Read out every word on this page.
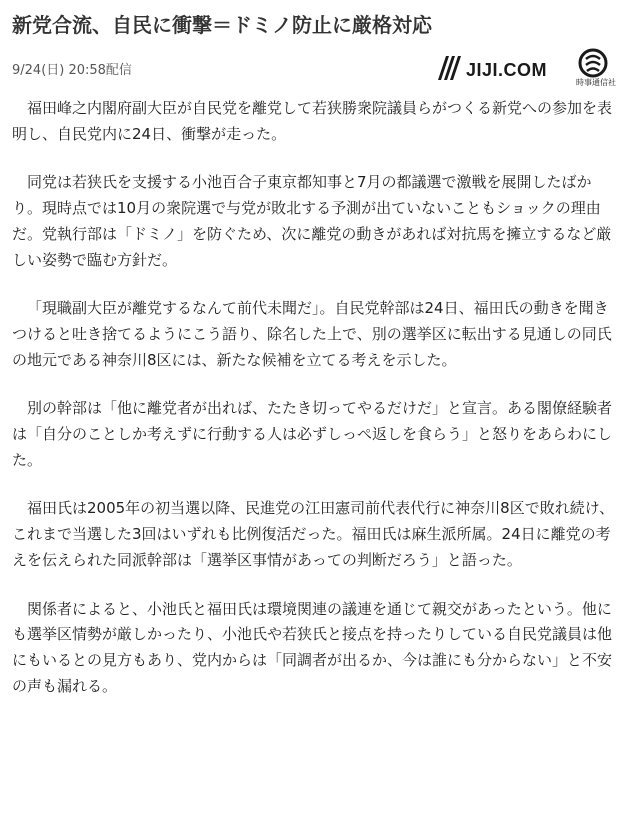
新党合流、自民に衝撃＝ドミノ防止に厳格対応
9/24(日) 20:58配信	JIJI.COM
時事通信社

福田峰之内閣府副大臣が自民党を離党して若狭勝衆院議員らがつくる新党への参加を表明し、自民党内に24日、衝撃が走った。

同党は若狭氏を支援する小池百合子東京都知事と7月の都議選で激戦を展開したばかり。現時点では10月の衆院選で与党が敗北する予測が出ていないこともショックの理由だ。党執行部は「ドミノ」を防ぐため、次に離党の動きがあれば対抗馬を擁立するなど厳しい姿勢で臨む方針だ。

「現職副大臣が離党するなんて前代未聞だ」。自民党幹部は24日、福田氏の動きを聞きつけると吐き捨てるようにこう語り、除名した上で、別の選挙区に転出する見通しの同氏の地元である神奈川8区には、新たな候補を立てる考えを示した。

別の幹部は「他に離党者が出れば、たたき切ってやるだけだ」と宣言。ある閣僚経験者は「自分のことしか考えずに行動する人は必ずしっぺ返しを食らう」と怒りをあらわにした。

福田氏は2005年の初当選以降、民進党の江田憲司前代表代行に神奈川8区で敗れ続け、これまで当選した3回はいずれも比例復活だった。福田氏は麻生派所属。24日に離党の考えを伝えられた同派幹部は「選挙区事情があっての判断だろう」と語った。

関係者によると、小池氏と福田氏は環境関連の議連を通じて親交があったという。他にも選挙区情勢が厳しかったり、小池氏や若狭氏と接点を持ったりしている自民党議員は他にもいるとの見方もあり、党内からは「同調者が出るか、今は誰にも分からない」と不安の声も漏れる。
